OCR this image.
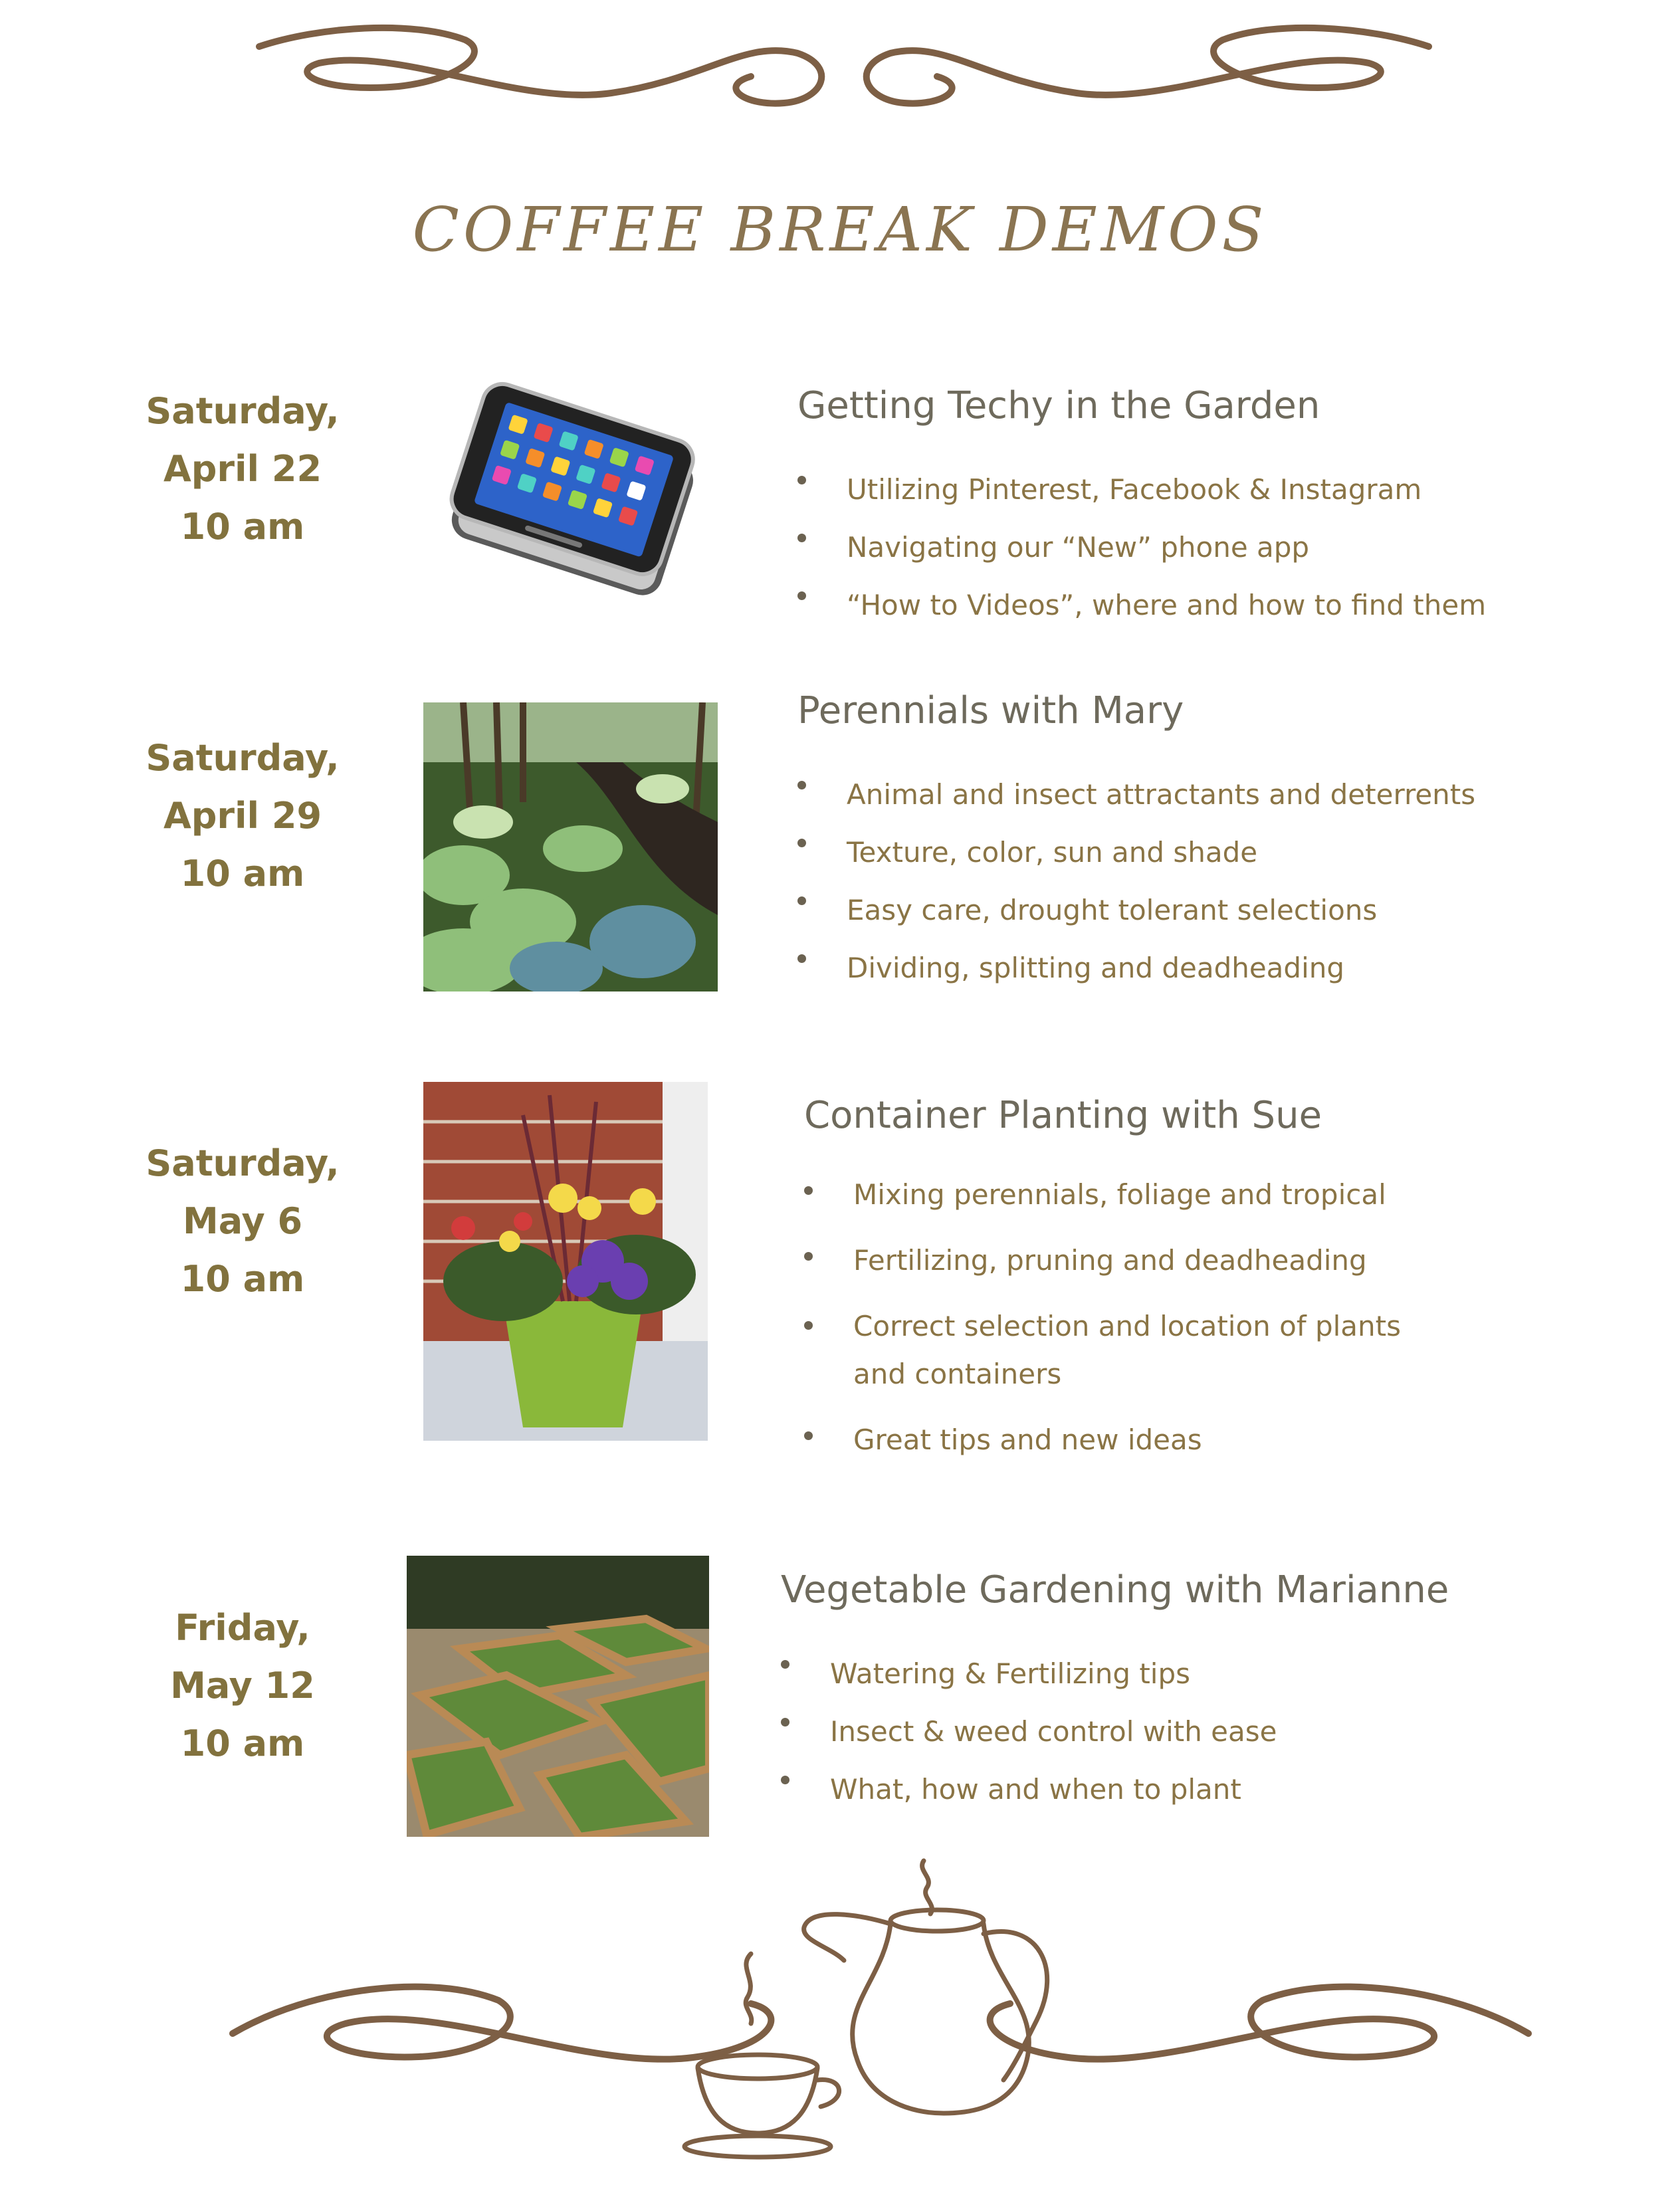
COFFEE BREAK DEMOS
Saturday,
April 22
10 am
Getting Techy in the Garden
Utilizing Pinterest, Facebook & Instagram
Navigating our “New” phone app
“How to Videos”, where and how to find them
Saturday,
April 29
10 am
Perennials with Mary
Animal and insect attractants and deterrents
Texture, color, sun and shade
Easy care, drought tolerant selections
Dividing, splitting and deadheading
Saturday,
May 6
10 am
Container Planting with Sue
Mixing perennials, foliage and tropical
Fertilizing, pruning and deadheading
Correct selection and location of plants and containers
Great tips and new ideas
Friday,
May 12
10 am
Vegetable Gardening with Marianne
Watering & Fertilizing tips
Insect & weed control with ease
What, how and when to plant
